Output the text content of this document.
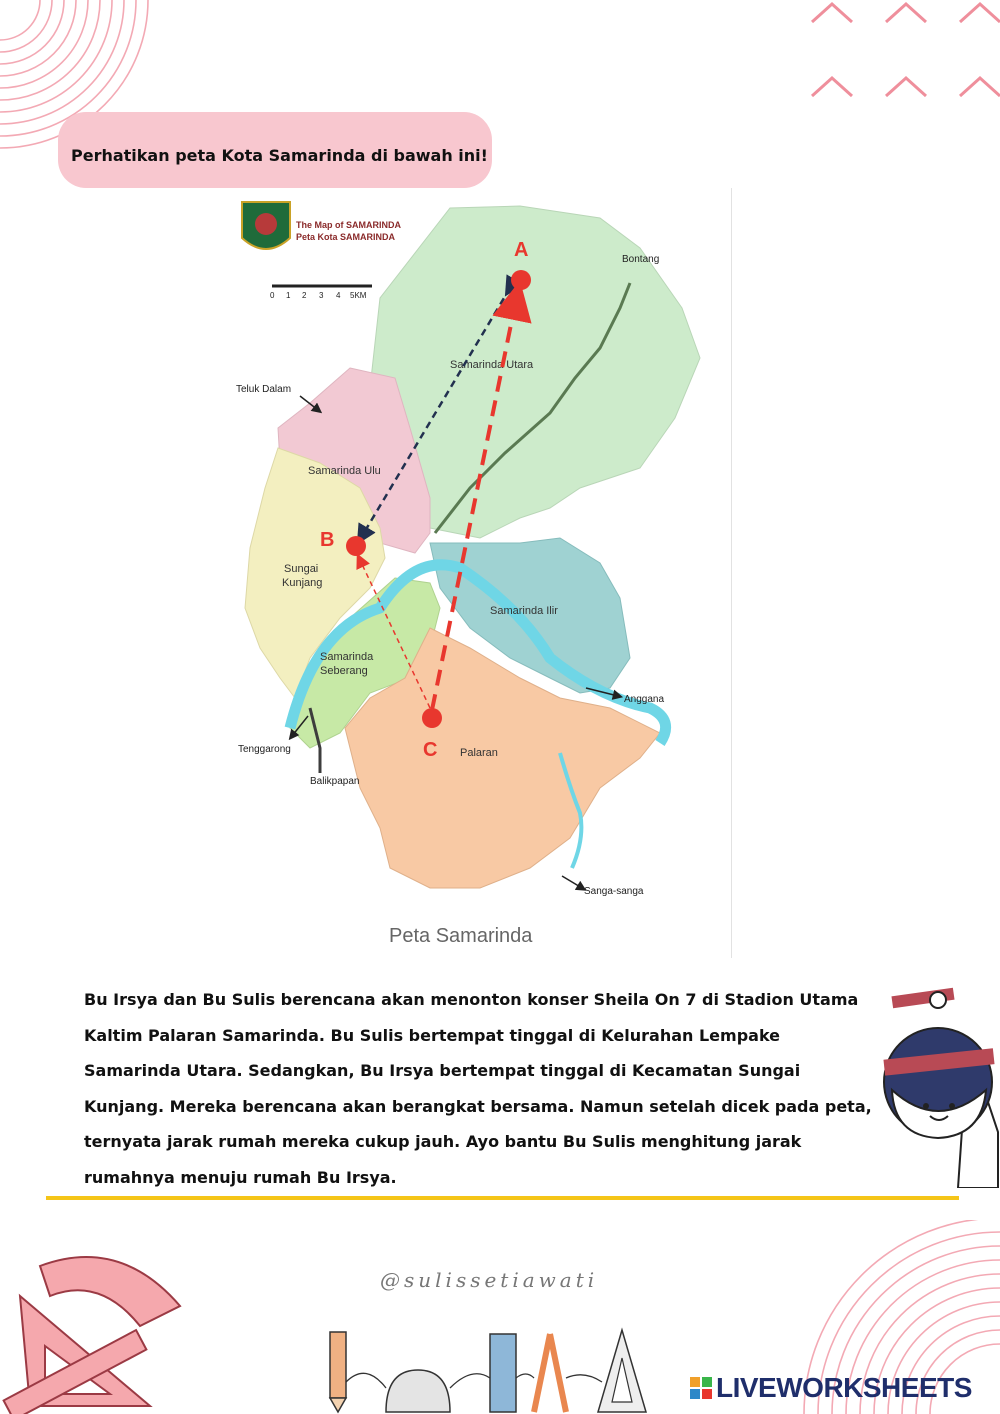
Perhatikan peta Kota Samarinda di bawah ini!
The Map of SAMARINDA
Peta Kota SAMARINDA
0 1 2 3 4 5KM
Samarinda Utara
Samarinda Ulu
Sungai
Kunjang
Samarinda Ilir
Samarinda
Seberang
Palaran
Bontang
Teluk Dalam
Anggana
Tenggarong
Balikpapan
Sanga-sanga
A
B
C
Peta Samarinda

Bu Irsya dan Bu Sulis berencana akan menonton konser Sheila On 7 di Stadion Utama Kaltim Palaran Samarinda. Bu Sulis bertempat tinggal di Kelurahan Lempake Samarinda Utara. Sedangkan, Bu Irsya bertempat tinggal di Kecamatan Sungai Kunjang. Mereka berencana akan berangkat bersama. Namun setelah dicek pada peta, ternyata jarak rumah mereka cukup jauh. Ayo bantu Bu Sulis menghitung jarak rumahnya menuju rumah Bu Irsya.

@sulissetiawati
LIVEWORKSHEETS
